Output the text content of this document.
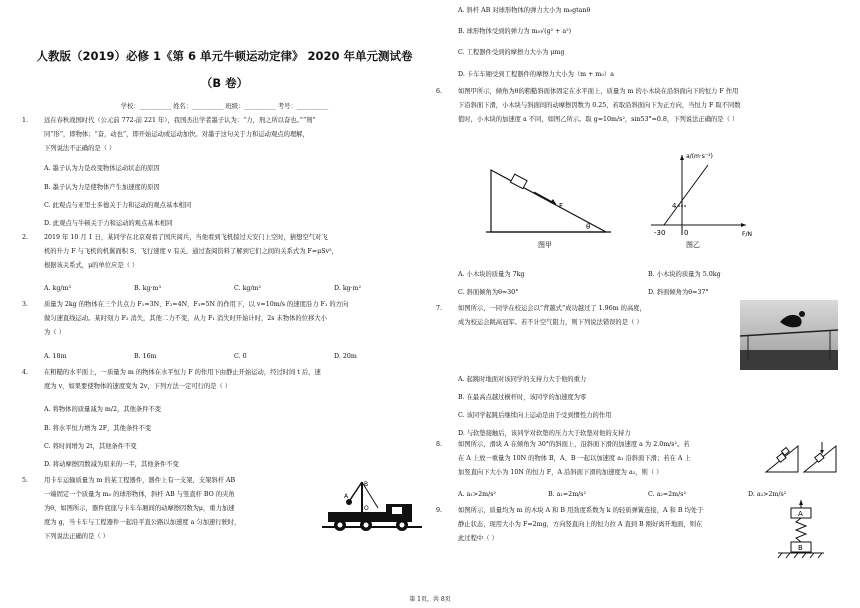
人教版（2019）必修 1《第 6 单元牛顿运动定律》 2020 年单元测试卷
（B 卷）
学校：__________ 姓名：__________ 班级：__________ 考号：__________
1.	远在春秋战国时代（公元前 772-前 221 年），我国杰出学者墨子认为：“力，刑之所以奋也。”“刑”
同“形”，即物体；“奋，动也”，即开始运动或运动加快。对墨子这句关于力和运动观点的理解，
下列说法不正确的是（ ）
A. 墨子认为力是改变物体运动状态的原因
B. 墨子认为力是使物体产生加速度的原因
C. 此观点与亚里士多德关于力和运动的观点基本相同
D. 此观点与牛顿关于力和运动的观点基本相同
2.	2019 年 10 月 1 日，某同学在北京观看了国庆阅兵，当他看到飞机掠过天安门上空时，猜想空气对飞
机的升力 F 与飞机的机翼面积 S、飞行速度 v 有关，通过查阅资料了解到它们之间的关系式为 F=μSv²，
根据该关系式，μ的单位应是（ ）
A. kg/m³	B. kg·m³	C. kg/m²	D. kg·m²
3.	质量为 2kg 的物体在三个共点力 F₁=3N、F₂=4N、F₃=5N 的作用下，以 v=10m/s 的速度沿力 F₁ 的方向
做匀速直线运动。某时刻力 F₂ 消失，其他二力不变，从力 F₁ 消失时开始计时，2s 末物体的位移大小
为（ ）
A. 18m	B. 16m	C. 0	D. 20m
4.	在粗糙的水平面上，一质量为 m 的物体在水平恒力 F 的作用下由静止开始运动，经过时间 t 后，速
度为 v，如果要使物体的速度变为 2v，下列方法一定可行的是（ ）
A. 将物体的质量减为 m/2，其他条件不变
B. 将水平恒力增为 2F，其他条件不变
C. 将时间增为 2t，其他条件不变
D. 将动摩擦因数减为原来的一半，其他条件不变
5.	用卡车运输质量为 m 的某工程器件，器件上有一支架，支架斜杆 AB
一端固定一个质量为 m₀ 的球形物体，斜杆 AB 与竖直杆 BO 的夹角
为θ，如图所示，器件底座与卡车车厢间的动摩擦因数为μ，重力加速
度为 g，当卡车与工程器件一起沿平直公路以加速度 a 匀加速行驶时，
下列说法正确的是（ ）
B
A
O
A. 斜杆 AB 对球形物体的弹力大小为 m₀gtanθ
B. 球形物体受到的弹力为 m₀√(g² + a²)
C. 工程器件受到的摩擦力大小为 μmg
D. 卡车车厢受到工程器件的摩擦力大小为（m + m₀）a
6.	如图甲所示，倾角为θ的粗糙斜面体固定在水平面上，质量为 m 的小木块在沿斜面向下的恒力 F 作用
下沿斜面下滑，小木块与斜面间的动摩擦因数为 0.25，若取沿斜面向下为正方向，当恒力 F 取不同数
值时，小木块的加速度 a 不同，如图乙所示。取 g=10m/s²，sin53°=0.8，下列说法正确的是（ ）
F
θ
图甲
a/(m·s⁻²)
F/N
4
-30	0
图乙
A. 小木块的质量为 7kg	B. 小木块的质量为 5.0kg
C. 斜面倾角为θ=30°	D. 斜面倾角为θ=37°
7.	如图所示，一同学在校运会以“背越式”成功越过了 1.96m 的高度，
成为校运会跳高冠军。若不计空气阻力，则下列说法错误的是（ ）
A. 起跳时地面对该同学的支持力大于他的重力
B. 在最高点越过横杆时，该同学的加速度为零
C. 该同学起跳后继续向上运动是由于受到惯性力的作用
D. 与软垫接触后，该同学对软垫的压力大于软垫对他的支持力
8.	如图所示，滑块 A 在倾角为 30°的斜面上，沿斜面下滑的加速度 a 为 2.0m/s²。若
在 A 上放一重量为 10N 的物体 B，A、B 一起以加速度 a₁ 沿斜面下滑；若在 A 上
加竖直向下大小为 10N 的恒力 F，A 沿斜面下滑的加速度为 a₂，则（ ）
A. a₁>2m/s²	B. a₁=2m/s²	C. a₂=2m/s²	D. a₂>2m/s²
9.	如图所示，质量均为 m 的木块 A 和 B 用劲度系数为 k 的轻质弹簧连接，A 和 B 均处于
静止状态，现用大小为 F=2mg，方向竖直向上的恒力拉 A 直到 B 刚好离开地面，则在
此过程中（ ）
A
B
第 1页，共 8页
